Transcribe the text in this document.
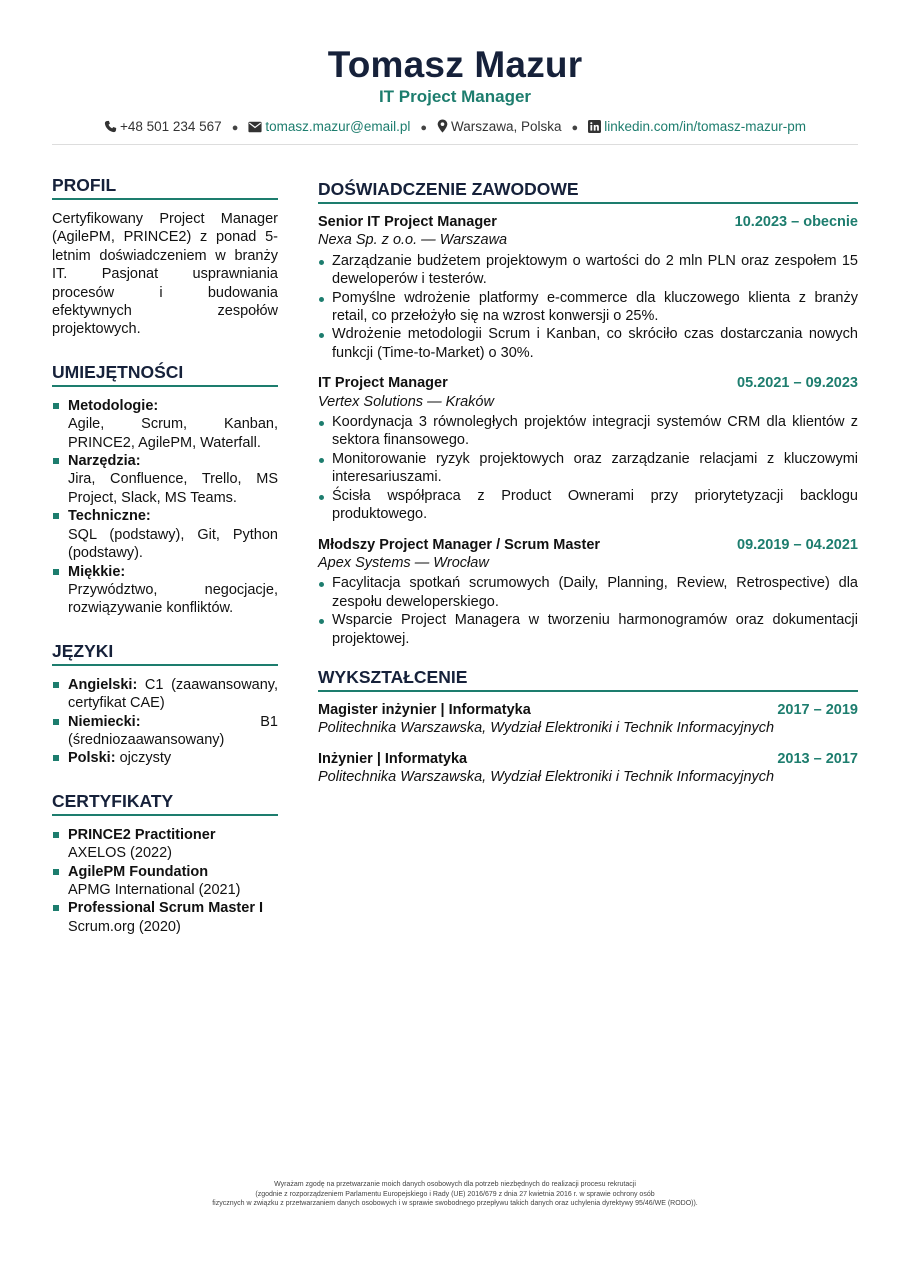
Tomasz Mazur
IT Project Manager
+48 501 234 567 ● tomasz.mazur@email.pl ● Warszawa, Polska ● linkedin.com/in/tomasz-mazur-pm
PROFIL
Certyfikowany Project Manager (AgilePM, PRINCE2) z ponad 5-letnim doświadczeniem w branży IT. Pasjonat usprawniania procesów i budowania efektywnych zespołów projektowych.
UMIEJĘTNOŚCI
Metodologie:
Agile, Scrum, Kanban, PRINCE2, AgilePM, Waterfall.
Narzędzia:
Jira, Confluence, Trello, MS Project, Slack, MS Teams.
Techniczne:
SQL (podstawy), Git, Python (podstawy).
Miękkie:
Przywództwo, negocjacje, rozwiązywanie konfliktów.
JĘZYKI
Angielski: C1 (zaawansowany, certyfikat CAE)
Niemiecki:	B1 (średniozaawansowany)
Polski: ojczysty
CERTYFIKATY
PRINCE2 Practitioner
AXELOS (2022)
AgilePM Foundation
APMG International (2021)
Professional Scrum Master I
Scrum.org (2020)
DOŚWIADCZENIE ZAWODOWE
Senior IT Project Manager	10.2023 – obecnie
Nexa Sp. z o.o. — Warszawa
Zarządzanie budżetem projektowym o wartości do 2 mln PLN oraz zespołem 15 deweloperów i testerów.
Pomyślne wdrożenie platformy e-commerce dla kluczowego klienta z branży retail, co przełożyło się na wzrost konwersji o 25%.
Wdrożenie metodologii Scrum i Kanban, co skróciło czas dostarczania nowych funkcji (Time-to-Market) o 30%.
IT Project Manager	05.2021 – 09.2023
Vertex Solutions — Kraków
Koordynacja 3 równoległych projektów integracji systemów CRM dla klientów z sektora finansowego.
Monitorowanie ryzyk projektowych oraz zarządzanie relacjami z kluczowymi interesariuszami.
Ścisła współpraca z Product Ownerami przy priorytetyzacji backlogu produktowego.
Młodszy Project Manager / Scrum Master	09.2019 – 04.2021
Apex Systems — Wrocław
Facylitacja spotkań scrumowych (Daily, Planning, Review, Retrospective) dla zespołu deweloperskiego.
Wsparcie Project Managera w tworzeniu harmonogramów oraz dokumentacji projektowej.
WYKSZTAŁCENIE
Magister inżynier | Informatyka	2017 – 2019
Politechnika Warszawska, Wydział Elektroniki i Technik Informacyjnych
Inżynier | Informatyka	2013 – 2017
Politechnika Warszawska, Wydział Elektroniki i Technik Informacyjnych
Wyrażam zgodę na przetwarzanie moich danych osobowych dla potrzeb niezbędnych do realizacji procesu rekrutacji
(zgodnie z rozporządzeniem Parlamentu Europejskiego i Rady (UE) 2016/679 z dnia 27 kwietnia 2016 r. w sprawie ochrony osób
fizycznych w związku z przetwarzaniem danych osobowych i w sprawie swobodnego przepływu takich danych oraz uchylenia dyrektywy 95/46/WE (RODO)).
